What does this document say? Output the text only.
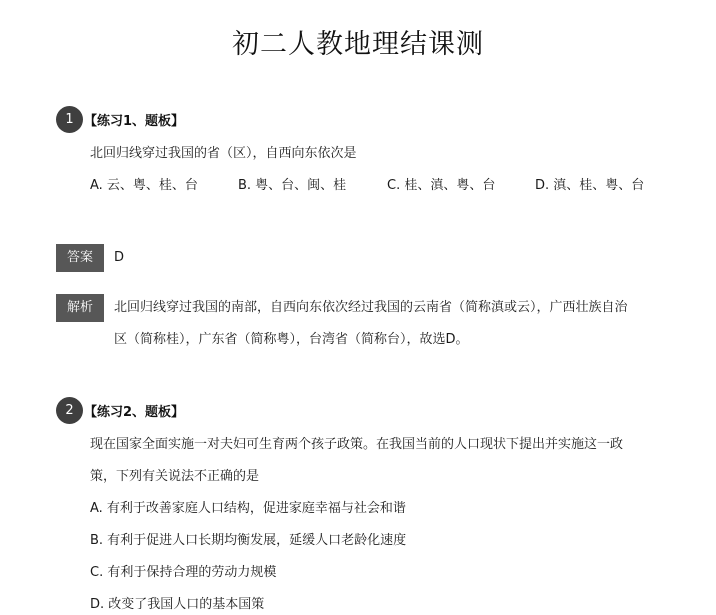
初二人教地理结课测
1 【练习1、题板】
北回归线穿过我国的省（区），自西向东依次是
A. 云、粤、桂、台	B. 粤、台、闽、桂	C. 桂、滇、粤、台	D. 滇、桂、粤、台
答案	D
解析	北回归线穿过我国的南部，自西向东依次经过我国的云南省（简称滇或云），广西壮族自治
区（简称桂），广东省（简称粤），台湾省（简称台），故选D。
2 【练习2、题板】
现在国家全面实施一对夫妇可生育两个孩子政策。在我国当前的人口现状下提出并实施这一政
策，下列有关说法不正确的是
A. 有利于改善家庭人口结构，促进家庭幸福与社会和谐
B. 有利于促进人口长期均衡发展，延缓人口老龄化速度
C. 有利于保持合理的劳动力规模
D. 改变了我国人口的基本国策
